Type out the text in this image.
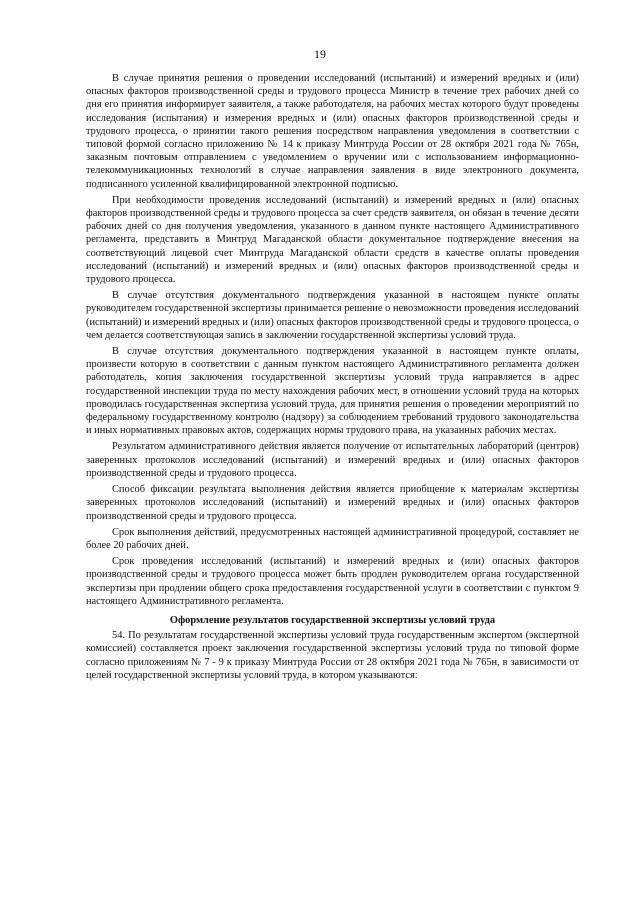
19

В случае принятия решения о проведении исследований (испытаний) и измерений вредных и (или) опасных факторов производственной среды и трудового процесса Министр в течение трех рабочих дней со дня его принятия информирует заявителя, а также работодателя, на рабочих местах которого будут проведены исследования (испытания) и измерения вредных и (или) опасных факторов производственной среды и трудового процесса, о принятии такого решения посредством направления уведомления в соответствии с типовой формой согласно приложению № 14 к приказу Минтруда России от 28 октября 2021 года № 765н, заказным почтовым отправлением с уведомлением о вручении или с использованием информационно-телекоммуникационных технологий в случае направления заявления в виде электронного документа, подписанного усиленной квалифицированной электронной подписью.

При необходимости проведения исследований (испытаний) и измерений вредных и (или) опасных факторов производственной среды и трудового процесса за счет средств заявителя, он обязан в течение десяти рабочих дней со дня получения уведомления, указанного в данном пункте настоящего Административного регламента, представить в Минтруд Магаданской области документальное подтверждение внесения на соответствующий лицевой счет Минтруда Магаданской области средств в качестве оплаты проведения исследований (испытаний) и измерений вредных и (или) опасных факторов производственной среды и трудового процесса.

В случае отсутствия документального подтверждения указанной в настоящем пункте оплаты руководителем государственной экспертизы принимается решение о невозможности проведения исследований (испытаний) и измерений вредных и (или) опасных факторов производственной среды и трудового процесса, о чем делается соответствующая запись в заключении государственной экспертизы условий труда.

В случае отсутствия документального подтверждения указанной в настоящем пункте оплаты, произвести которую в соответствии с данным пунктом настоящего Административного регламента должен работодатель, копия заключения государственной экспертизы условий труда направляется в адрес государственной инспекции труда по месту нахождения рабочих мест, в отношении условий труда на которых проводилась государственная экспертиза условий труда, для принятия решения о проведении мероприятий по федеральному государственному контролю (надзору) за соблюдением требований трудового законодательства и иных нормативных правовых актов, содержащих нормы трудового права, на указанных рабочих местах.

Результатом административного действия является получение от испытательных лабораторий (центров) заверенных протоколов исследований (испытаний) и измерений вредных и (или) опасных факторов производственной среды и трудового процесса.

Способ фиксации результата выполнения действия является приобщение к материалам экспертизы заверенных протоколов исследований (испытаний) и измерений вредных и (или) опасных факторов производственной среды и трудового процесса.

Срок выполнения действий, предусмотренных настоящей административной процедурой, составляет не более 20 рабочих дней.

Срок проведения исследований (испытаний) и измерений вредных и (или) опасных факторов производственной среды и трудового процесса может быть продлен руководителем органа государственной экспертизы при продлении общего срока предоставления государственной услуги в соответствии с пунктом 9 настоящего Административного регламента.

Оформление результатов государственной экспертизы условий труда

54. По результатам государственной экспертизы условий труда государственным экспертом (экспертной комиссией) составляется проект заключения государственной экспертизы условий труда по типовой форме согласно приложениям № 7 - 9 к приказу Минтруда России от 28 октября 2021 года № 765н, в зависимости от целей государственной экспертизы условий труда, в котором указываются:
